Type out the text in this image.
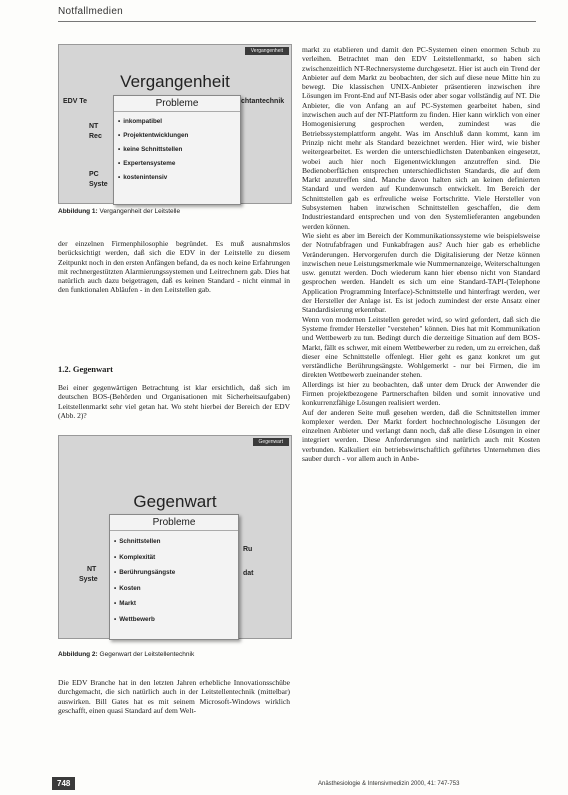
Notfallmedien
Vergangenheit
Vergangenheit
EDV Te	chtantechnik
NT
Rec
PC
Syste
Probleme
• inkompatibel
• Projektentwicklungen
• keine Schnittstellen
• Expertensysteme
• kostenintensiv
Abbildung 1: Vergangenheit der Leitstelle

der einzelnen Firmenphilosophie begründet. Es muß ausnahmslos berücksichtigt werden, daß sich die EDV in der Leitstelle zu diesem Zeitpunkt noch in den ersten Anfängen befand, da es noch keine Erfahrungen mit rechnergestützten Alarmierungssystemen und Leitrechnern gab. Dies hat natürlich auch dazu beigetragen, daß es keinen Standard - nicht einmal in den funktionalen Abläufen - in den Leitstellen gab.

1.2. Gegenwart

Bei einer gegenwärtigen Betrachtung ist klar ersichtlich, daß sich im deutschen BOS-(Behörden und Organisationen mit Sicherheitsaufgaben) Leitstellenmarkt sehr viel getan hat. Wo steht hierbei der Bereich der EDV (Abb. 2)?

Gegenwart
Gegenwart
NT
Syste
Ru
dat
Probleme
• Schnittstellen
• Komplexität
• Berührungsängste
• Kosten
• Markt
• Wettbewerb
Abbildung 2: Gegenwart der Leitstellentechnik

Die EDV Branche hat in den letzten Jahren erhebliche Innovationsschübe durchgemacht, die sich natürlich auch in der Leitstellentechnik (mittelbar) auswirken. Bill Gates hat es mit seinem Microsoft-Windows wirklich geschafft, einen quasi Standard auf dem Welt-

markt zu etablieren und damit den PC-Systemen einen enormen Schub zu verleihen. Betrachtet man den EDV Leitstellenmarkt, so haben sich zwischenzeitlich NT-Rechnersysteme durchgesetzt. Hier ist auch ein Trend der Anbieter auf dem Markt zu beobachten, der sich auf diese neue Mitte hin zu bewegt. Die klassischen UNIX-Anbieter präsentieren inzwischen ihre Lösungen im Front-End auf NT-Basis oder aber sogar vollständig auf NT. Die Anbieter, die von Anfang an auf PC-Systemen gearbeitet haben, sind inzwischen auch auf der NT-Plattform zu finden. Hier kann wirklich von einer Homogenisierung gesprochen werden, zumindest was die Betriebssystemplattform angeht. Was im Anschluß dann kommt, kann im Prinzip nicht mehr als Standard bezeichnet werden. Hier wird, wie bisher weitergearbeitet. Es werden die unterschiedlichsten Datenbanken eingesetzt, wobei auch hier noch Eigenentwicklungen anzutreffen sind. Die Bedienoberflächen entsprechen unterschiedlichsten Standards, die auf dem Markt anzutreffen sind. Manche davon halten sich an keinen definierten Standard und werden auf Kundenwunsch entwickelt. Im Bereich der Schnittstellen gab es erfreuliche weise Fortschritte. Viele Hersteller von Subsystemen haben inzwischen Schnittstellen geschaffen, die dem Industriestandard entsprechen und von den Systemlieferanten angebunden werden können.

Wie sieht es aber im Bereich der Kommunikationssysteme wie beispielsweise der Notrufabfragen und Funkabfragen aus? Auch hier gab es erhebliche Veränderungen. Hervorgerufen durch die Digitalisierung der Netze können inzwischen neue Leistungsmerkmale wie Nummernanzeige, Weiterschaltungen usw. genutzt werden. Doch wiederum kann hier ebenso nicht von Standard gesprochen werden. Handelt es sich um eine Standard-TAPI-(Telephone Application Programming Interface)-Schnittstelle und hinterfragt werden, wer der Hersteller der Anlage ist. Es ist jedoch zumindest der erste Ansatz einer Standardisierung erkennbar.

Wenn von modernen Leitstellen geredet wird, so wird gefordert, daß sich die Systeme fremder Hersteller "verstehen" können. Dies hat mit Kommunikation und Wettbewerb zu tun. Bedingt durch die derzeitige Situation auf dem BOS-Markt, fällt es schwer, mit einem Wettbewerber zu reden, um zu erreichen, daß dieser eine Schnittstelle offenlegt. Hier geht es ganz konkret um gut verständliche Berührungsängste. Wohlgemerkt - nur bei Firmen, die im direkten Wettbewerb zueinander stehen.

Allerdings ist hier zu beobachten, daß unter dem Druck der Anwender die Firmen projektbezogene Partnerschaften bilden und somit innovative und konkurrenzfähige Lösungen realisiert werden.

Auf der anderen Seite muß gesehen werden, daß die Schnittstellen immer komplexer werden. Der Markt fordert hochtechnologische Lösungen der einzelnen Anbieter und verlangt dann noch, daß alle diese Lösungen in einer integriert werden. Diese Anforderungen sind natürlich auch mit Kosten verbunden. Kalkuliert ein betriebswirtschaftlich geführtes Unternehmen dies sauber durch - vor allem auch in Anbe-

748	Anästhesiologie & Intensivmedizin 2000, 41: 747-753
